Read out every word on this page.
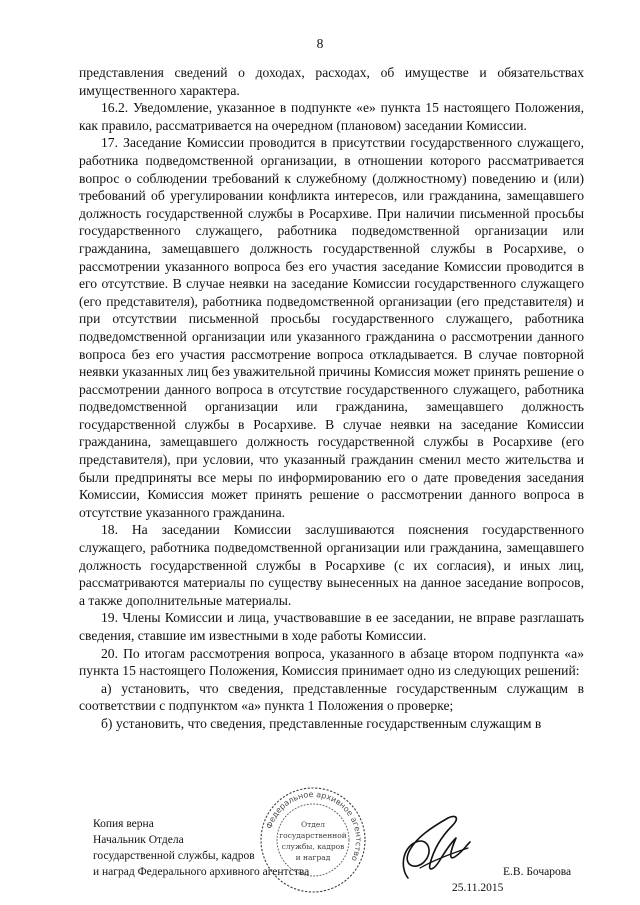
8

представления сведений о доходах, расходах, об имуществе и обязательствах имущественного характера.

16.2. Уведомление, указанное в подпункте «е» пункта 15 настоящего Положения, как правило, рассматривается на очередном (плановом) заседании Комиссии.

17. Заседание Комиссии проводится в присутствии государственного служащего, работника подведомственной организации, в отношении которого рассматривается вопрос о соблюдении требований к служебному (должностному) поведению и (или) требований об урегулировании конфликта интересов, или гражданина, замещавшего должность государственной службы в Росархиве. При наличии письменной просьбы государственного служащего, работника подведомственной организации или гражданина, замещавшего должность государственной службы в Росархиве, о рассмотрении указанного вопроса без его участия заседание Комиссии проводится в его отсутствие. В случае неявки на заседание Комиссии государственного служащего (его представителя), работника подведомственной организации (его представителя) и при отсутствии письменной просьбы государственного служащего, работника подведомственной организации или указанного гражданина о рассмотрении данного вопроса без его участия рассмотрение вопроса откладывается. В случае повторной неявки указанных лиц без уважительной причины Комиссия может принять решение о рассмотрении данного вопроса в отсутствие государственного служащего, работника подведомственной организации или гражданина, замещавшего должность государственной службы в Росархиве. В случае неявки на заседание Комиссии гражданина, замещавшего должность государственной службы в Росархиве (его представителя), при условии, что указанный гражданин сменил место жительства и были предприняты все меры по информированию его о дате проведения заседания Комиссии, Комиссия может принять решение о рассмотрении данного вопроса в отсутствие указанного гражданина.

18. На заседании Комиссии заслушиваются пояснения государственного служащего, работника подведомственной организации или гражданина, замещавшего должность государственной службы в Росархиве (с их согласия), и иных лиц, рассматриваются материалы по существу вынесенных на данное заседание вопросов, а также дополнительные материалы.

19. Члены Комиссии и лица, участвовавшие в ее заседании, не вправе разглашать сведения, ставшие им известными в ходе работы Комиссии.

20. По итогам рассмотрения вопроса, указанного в абзаце втором подпункта «а» пункта 15 настоящего Положения, Комиссия принимает одно из следующих решений:

а) установить, что сведения, представленные государственным служащим в соответствии с подпунктом «а» пункта 1 Положения о проверке;

б) установить, что сведения, представленные государственным служащим в

Копия верна
Начальник Отдела
государственной службы, кадров
и наград Федерального архивного агентства
25.11.2015
Е.В. Бочарова
Федеральное архивное агентство
Отдел
государственной
службы, кадров
и наград
